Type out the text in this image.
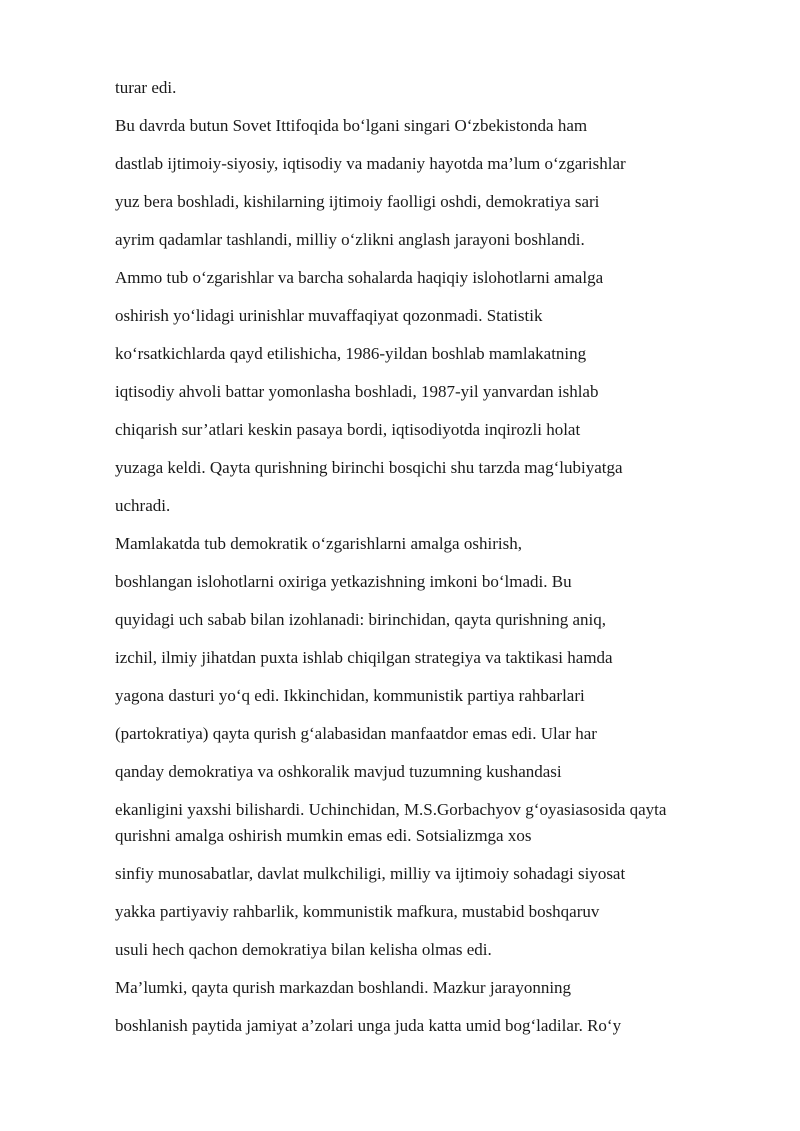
turar edi.
Bu davrda butun Sovet Ittifoqida bo‘lgani singari O‘zbekistonda ham
dastlab ijtimoiy-siyosiy, iqtisodiy va madaniy hayotda ma’lum o‘zgarishlar
yuz bera boshladi, kishilarning ijtimoiy faolligi oshdi, demokratiya sari
ayrim qadamlar tashlandi, milliy o‘zlikni anglash jarayoni boshlandi.
Ammo tub o‘zgarishlar va barcha sohalarda haqiqiy islohotlarni amalga
oshirish yo‘lidagi urinishlar muvaffaqiyat qozonmadi. Statistik
ko‘rsatkichlarda qayd etilishicha, 1986-yildan boshlab mamlakatning
iqtisodiy ahvoli battar yomonlasha boshladi, 1987-yil yanvardan ishlab
chiqarish sur’atlari keskin pasaya bordi, iqtisodiyotda inqirozli holat
yuzaga keldi. Qayta qurishning birinchi bosqichi shu tarzda mag‘lubiyatga
uchradi.
Mamlakatda tub demokratik o‘zgarishlarni amalga oshirish,
boshlangan islohotlarni oxiriga yetkazishning imkoni bo‘lmadi. Bu
quyidagi uch sabab bilan izohlanadi: birinchidan, qayta qurishning aniq,
izchil, ilmiy jihatdan puxta ishlab chiqilgan strategiya va taktikasi hamda
yagona dasturi yo‘q edi. Ikkinchidan, kommunistik partiya rahbarlari
(partokratiya) qayta qurish g‘alabasidan manfaatdor emas edi. Ular har
qanday demokratiya va oshkoralik mavjud tuzumning kushandasi
ekanligini yaxshi bilishardi. Uchinchidan, M.S.Gorbachyov g‘oyasiasosida qayta
qurishni amalga oshirish mumkin emas edi. Sotsializmga xos
sinfiy munosabatlar, davlat mulkchiligi, milliy va ijtimoiy sohadagi siyosat
yakka partiyaviy rahbarlik, kommunistik mafkura, mustabid boshqaruv
usuli hech qachon demokratiya bilan kelisha olmas edi.
Ma’lumki, qayta qurish markazdan boshlandi. Mazkur jarayonning
boshlanish paytida jamiyat a’zolari unga juda katta umid bog‘ladilar. Ro‘y
